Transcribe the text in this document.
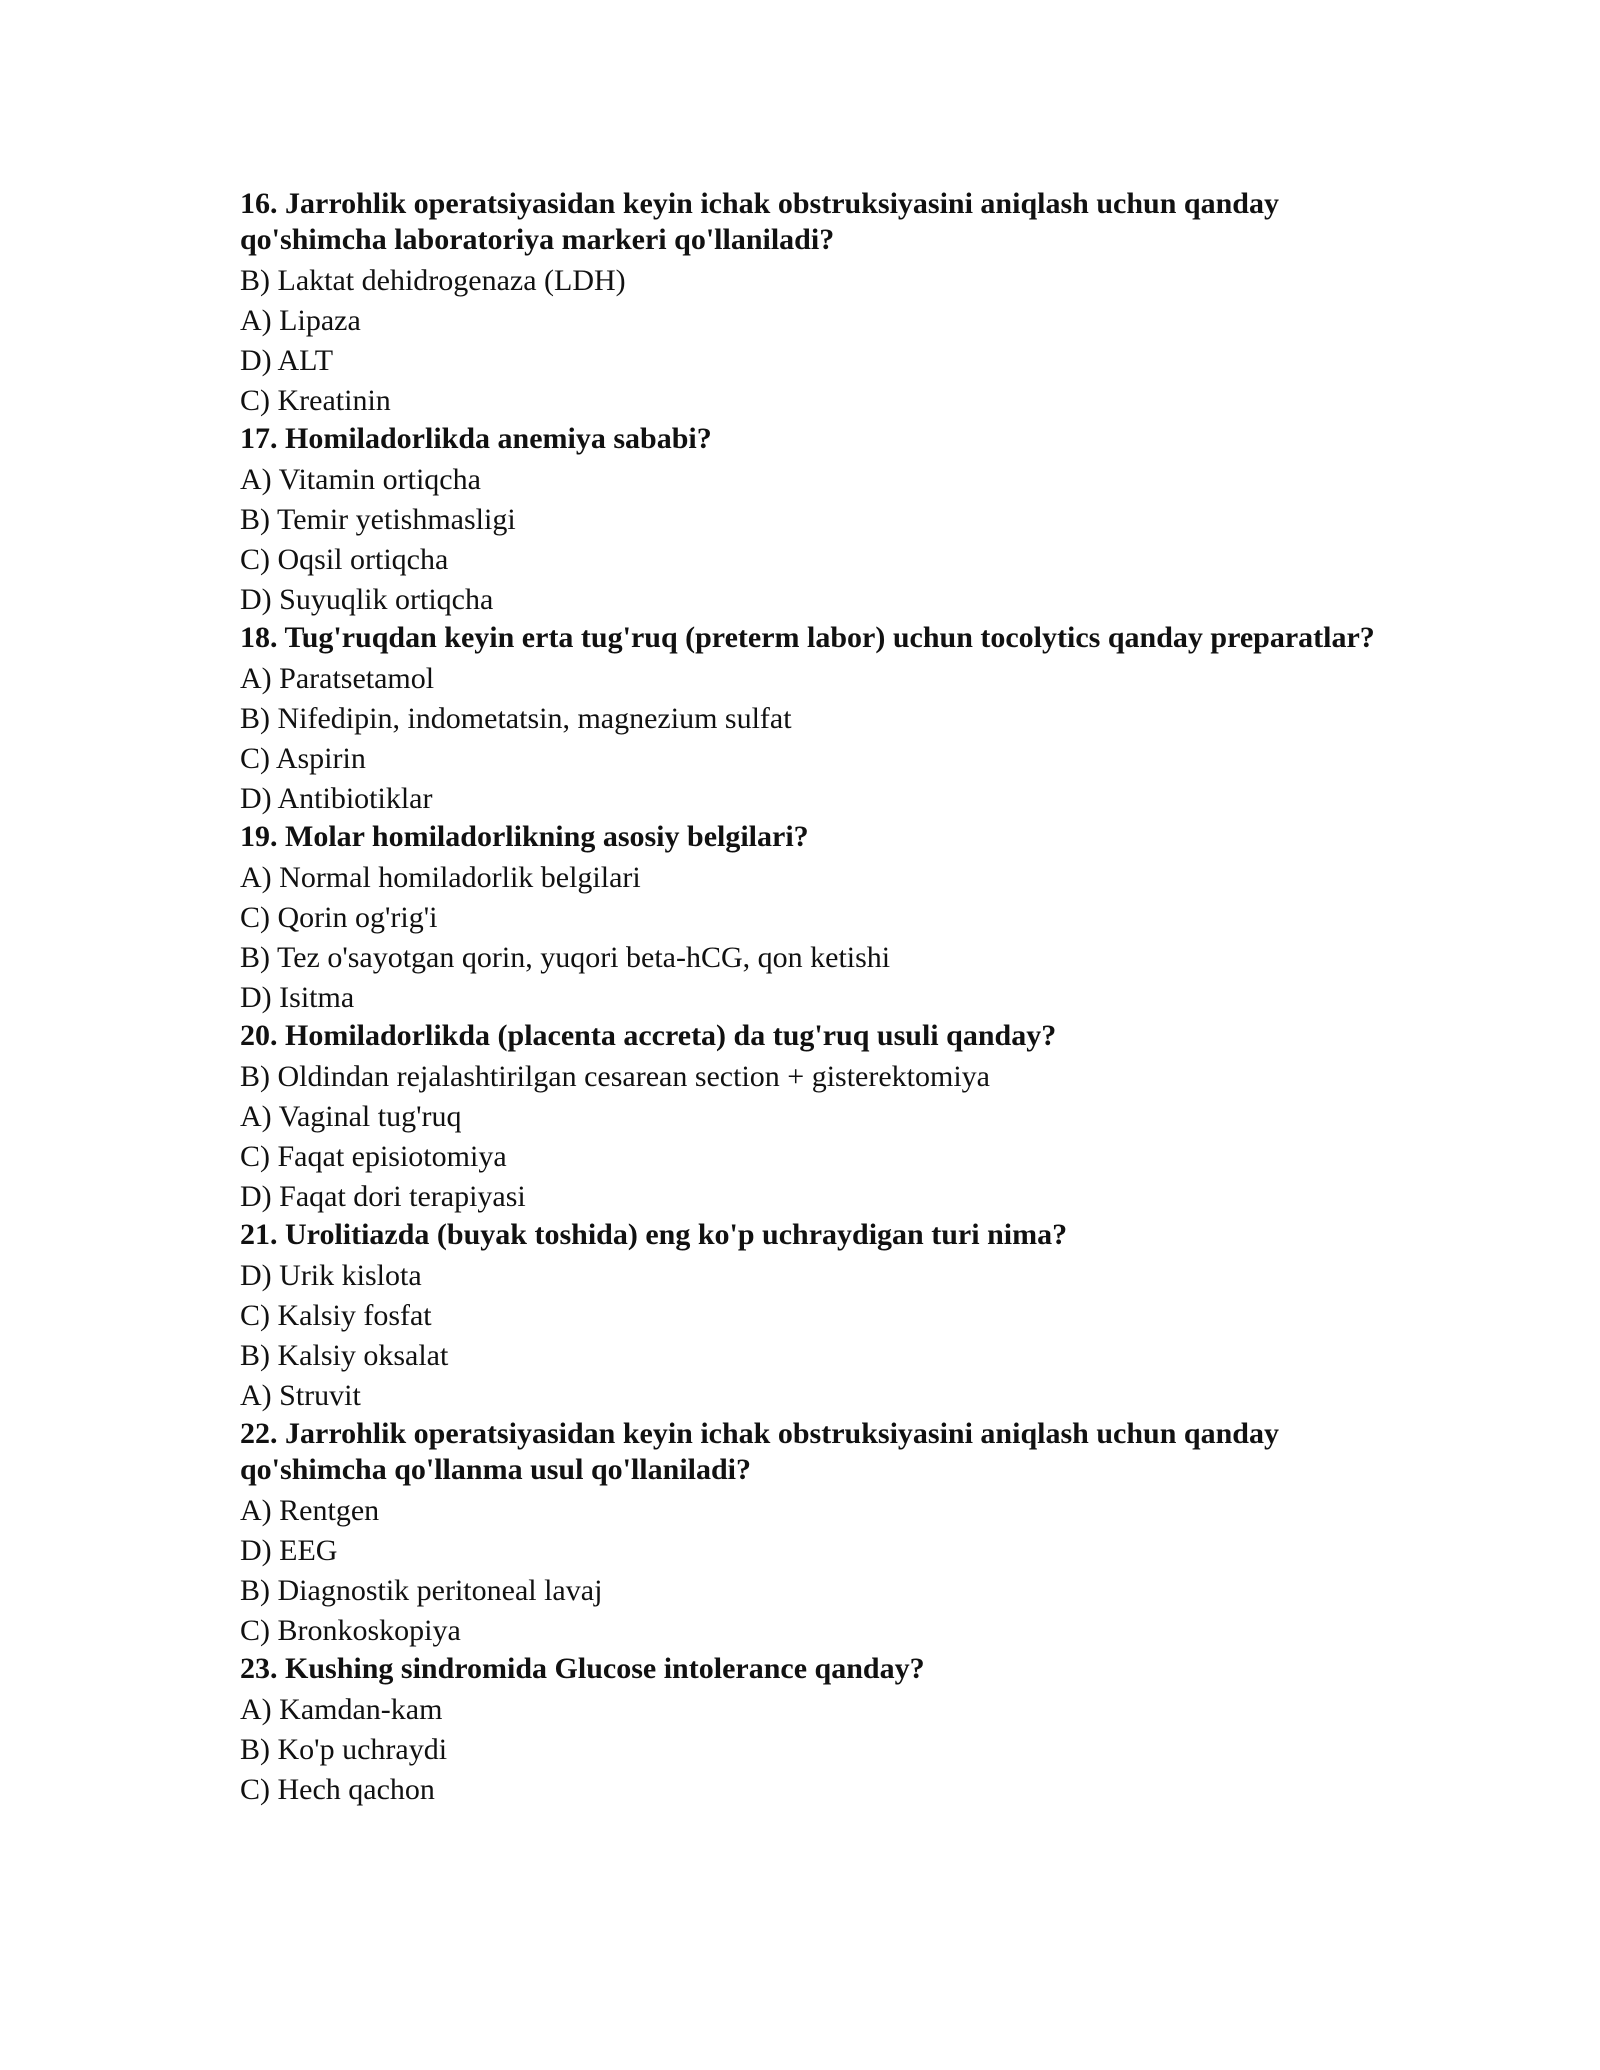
16. Jarrohlik operatsiyasidan keyin ichak obstruksiyasini aniqlash uchun qanday qo'shimcha laboratoriya markeri qo'llaniladi?
B) Laktat dehidrogenaza (LDH)
A) Lipaza
D) ALT
C) Kreatinin
17. Homiladorlikda anemiya sababi?
A) Vitamin ortiqcha
B) Temir yetishmasligi
C) Oqsil ortiqcha
D) Suyuqlik ortiqcha
18. Tug'ruqdan keyin erta tug'ruq (preterm labor) uchun tocolytics qanday preparatlar?
A) Paratsetamol
B) Nifedipin, indometatsin, magnezium sulfat
C) Aspirin
D) Antibiotiklar
19. Molar homiladorlikning asosiy belgilari?
A) Normal homiladorlik belgilari
C) Qorin og'rig'i
B) Tez o'sayotgan qorin, yuqori beta-hCG, qon ketishi
D) Isitma
20. Homiladorlikda (placenta accreta) da tug'ruq usuli qanday?
B) Oldindan rejalashtirilgan cesarean section + gisterektomiya
A) Vaginal tug'ruq
C) Faqat episiotomiya
D) Faqat dori terapiyasi
21. Urolitiazda (buyak toshida) eng ko'p uchraydigan turi nima?
D) Urik kislota
C) Kalsiy fosfat
B) Kalsiy oksalat
A) Struvit
22. Jarrohlik operatsiyasidan keyin ichak obstruksiyasini aniqlash uchun qanday qo'shimcha qo'llanma usul qo'llaniladi?
A) Rentgen
D) EEG
B) Diagnostik peritoneal lavaj
C) Bronkoskopiya
23. Kushing sindromida Glucose intolerance qanday?
A) Kamdan-kam
B) Ko'p uchraydi
C) Hech qachon
